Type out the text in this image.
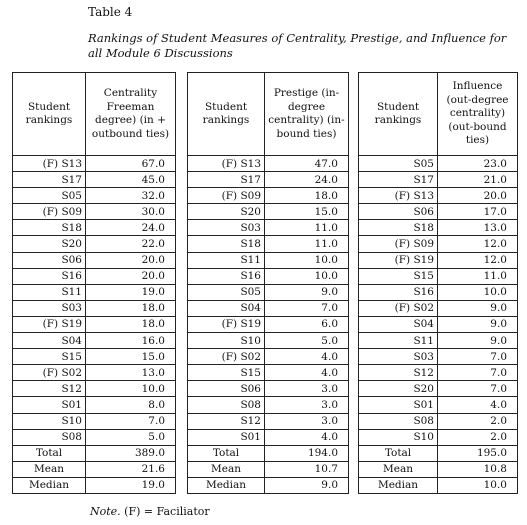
Table 4
Rankings of Student Measures of Centrality, Prestige, and Influence for all Module 6 Discussions
Student rankings	Centrality Freeman degree) (in + outbound ties)
(F) S13	67.0
S17	45.0
S05	32.0
(F) S09	30.0
S18	24.0
S20	22.0
S06	20.0
S16	20.0
S11	19.0
S03	18.0
(F) S19	18.0
S04	16.0
S15	15.0
(F) S02	13.0
S12	10.0
S01	8.0
S10	7.0
S08	5.0
Total	389.0
Mean	21.6
Median	19.0
Student rankings	Prestige (in-degree centrality) (in-bound ties)
(F) S13	47.0
S17	24.0
(F) S09	18.0
S20	15.0
S03	11.0
S18	11.0
S11	10.0
S16	10.0
S05	9.0
S04	7.0
(F) S19	6.0
S10	5.0
(F) S02	4.0
S15	4.0
S06	3.0
S08	3.0
S12	3.0
S01	4.0
Total	194.0
Mean	10.7
Median	9.0
Student rankings	Influence (out-degree centrality) (out-bound ties)
S05	23.0
S17	21.0
(F) S13	20.0
S06	17.0
S18	13.0
(F) S09	12.0
(F) S19	12.0
S15	11.0
S16	10.0
(F) S02	9.0
S04	9.0
S11	9.0
S03	7.0
S12	7.0
S20	7.0
S01	4.0
S08	2.0
S10	2.0
Total	195.0
Mean	10.8
Median	10.0
Note. (F) = Faciliator
